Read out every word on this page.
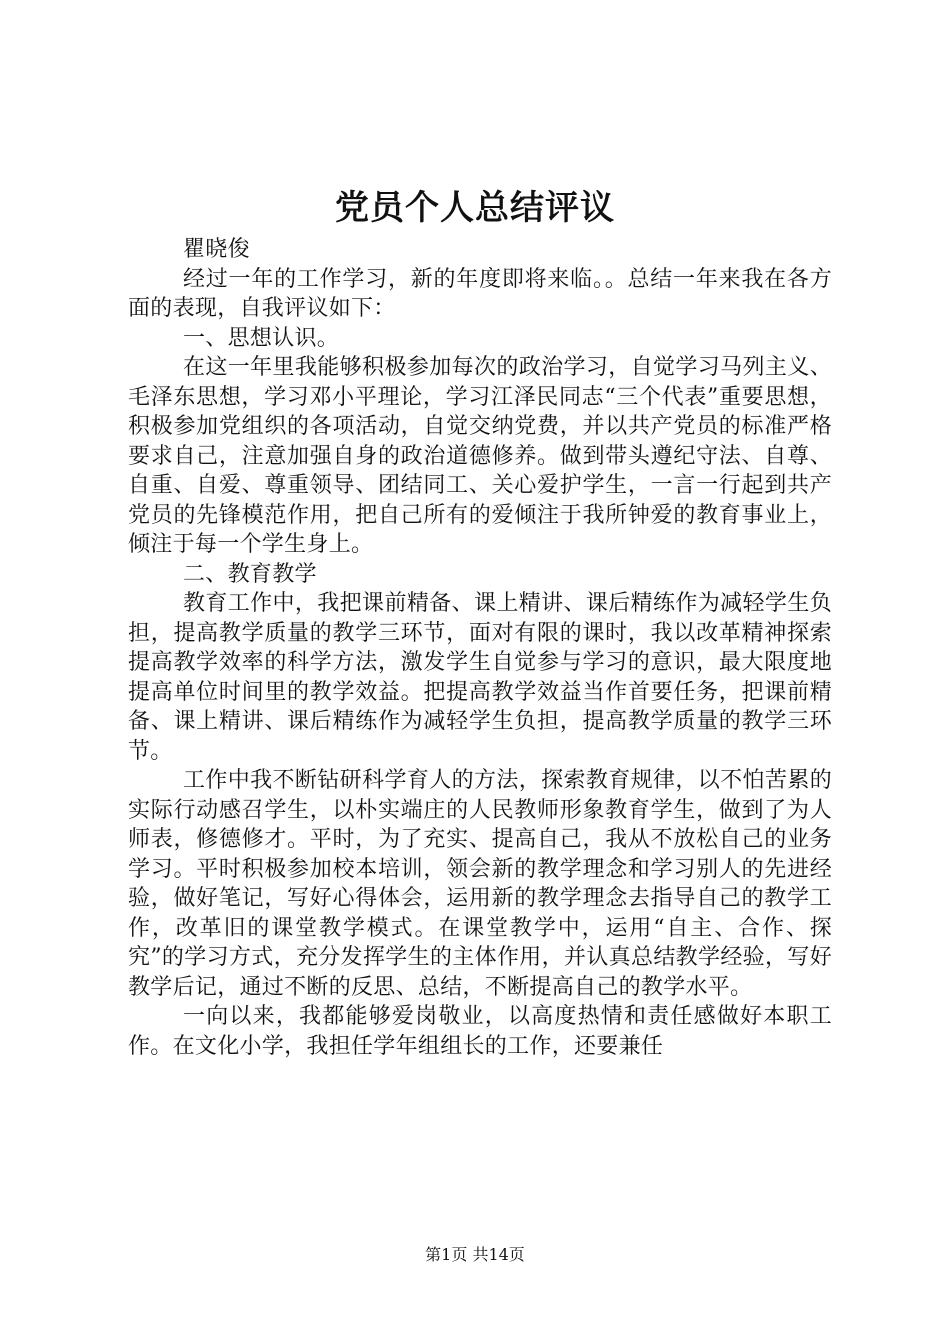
党员个人总结评议

瞿晓俊

经过一年的工作学习，新的年度即将来临。。总结一年来我在各方面的表现，自我评议如下：

一、思想认识。

在这一年里我能够积极参加每次的政治学习，自觉学习马列主义、毛泽东思想，学习邓小平理论，学习江泽民同志“三个代表”重要思想，积极参加党组织的各项活动，自觉交纳党费，并以共产党员的标准严格要求自己，注意加强自身的政治道德修养。做到带头遵纪守法、自尊、自重、自爱、尊重领导、团结同工、关心爱护学生，一言一行起到共产党员的先锋模范作用，把自己所有的爱倾注于我所钟爱的教育事业上，倾注于每一个学生身上。

二、教育教学

教育工作中，我把课前精备、课上精讲、课后精练作为减轻学生负担，提高教学质量的教学三环节，面对有限的课时，我以改革精神探索提高教学效率的科学方法，激发学生自觉参与学习的意识，最大限度地提高单位时间里的教学效益。把提高教学效益当作首要任务，把课前精备、课上精讲、课后精练作为减轻学生负担，提高教学质量的教学三环节。

工作中我不断钻研科学育人的方法，探索教育规律，以不怕苦累的实际行动感召学生，以朴实端庄的人民教师形象教育学生，做到了为人师表，修德修才。平时，为了充实、提高自己，我从不放松自己的业务学习。平时积极参加校本培训，领会新的教学理念和学习别人的先进经验，做好笔记，写好心得体会，运用新的教学理念去指导自己的教学工作，改革旧的课堂教学模式。在课堂教学中，运用“自主、合作、探究”的学习方式，充分发挥学生的主体作用，并认真总结教学经验，写好教学后记，通过不断的反思、总结，不断提高自己的教学水平。

一向以来，我都能够爱岗敬业，以高度热情和责任感做好本职工作。在文化小学，我担任学年组组长的工作，还要兼任

第1页 共14页
